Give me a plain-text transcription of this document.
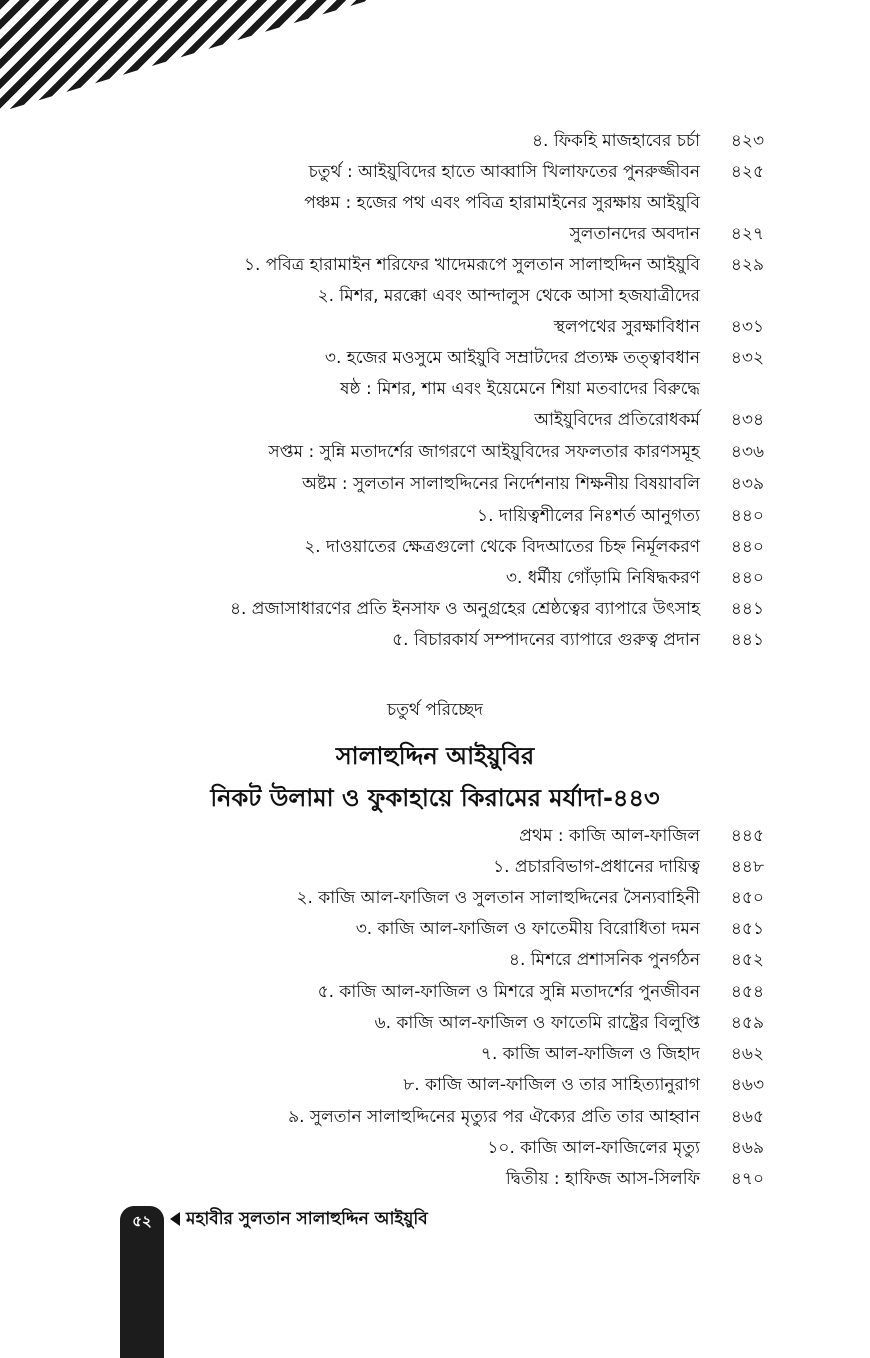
৪. ফিকহি মাজহাবের চর্চা	৪২৩
চতুর্থ : আইয়ুবিদের হাতে আব্বাসি খিলাফতের পুনরুজ্জীবন	৪২৫
পঞ্চম : হজের পথ এবং পবিত্র হারামাইনের সুরক্ষায় আইয়ুবি
সুলতানদের অবদান	৪২৭
১. পবিত্র হারামাইন শরিফের খাদেমরূপে সুলতান সালাহুদ্দিন আইয়ুবি	৪২৯
২. মিশর, মরক্কো এবং আন্দালুস থেকে আসা হজযাত্রীদের
স্থলপথের সুরক্ষাবিধান	৪৩১
৩. হজের মওসুমে আইয়ুবি সম্রাটদের প্রত্যক্ষ তত্ত্বাবধান	৪৩২
ষষ্ঠ : মিশর, শাম এবং ইয়েমেনে শিয়া মতবাদের বিরুদ্ধে
আইয়ুবিদের প্রতিরোধকর্ম	৪৩৪
সপ্তম : সুন্নি মতাদর্শের জাগরণে আইয়ুবিদের সফলতার কারণসমূহ	৪৩৬
অষ্টম : সুলতান সালাহুদ্দিনের নির্দেশনায় শিক্ষনীয় বিষয়াবলি	৪৩৯
১. দায়িত্বশীলের নিঃশর্ত আনুগত্য	৪৪০
২. দাওয়াতের ক্ষেত্রগুলো থেকে বিদআতের চিহ্ন নির্মূলকরণ	৪৪০
৩. ধর্মীয় গোঁড়ামি নিষিদ্ধকরণ	৪৪০
৪. প্রজাসাধারণের প্রতি ইনসাফ ও অনুগ্রহের শ্রেষ্ঠত্বের ব্যাপারে উৎসাহ	৪৪১
৫. বিচারকার্য সম্পাদনের ব্যাপারে গুরুত্ব প্রদান	৪৪১
চতুর্থ পরিচ্ছেদ
সালাহুদ্দিন আইয়ুবির
নিকট উলামা ও ফুকাহায়ে কিরামের মর্যাদা-৪৪৩
প্রথম : কাজি আল-ফাজিল	৪৪৫
১. প্রচারবিভাগ-প্রধানের দায়িত্ব	৪৪৮
২. কাজি আল-ফাজিল ও সুলতান সালাহুদ্দিনের সৈন্যবাহিনী	৪৫০
৩. কাজি আল-ফাজিল ও ফাতেমীয় বিরোধিতা দমন	৪৫১
৪. মিশরে প্রশাসনিক পুনর্গঠন	৪৫২
৫. কাজি আল-ফাজিল ও মিশরে সুন্নি মতাদর্শের পুনজীবন	৪৫৪
৬. কাজি আল-ফাজিল ও ফাতেমি রাষ্ট্রের বিলুপ্তি	৪৫৯
৭. কাজি আল-ফাজিল ও জিহাদ	৪৬২
৮. কাজি আল-ফাজিল ও তার সাহিত্যানুরাগ	৪৬৩
৯. সুলতান সালাহুদ্দিনের মৃত্যুর পর ঐক্যের প্রতি তার আহ্বান	৪৬৫
১০. কাজি আল-ফাজিলের মৃত্যু	৪৬৯
দ্বিতীয় : হাফিজ আস-সিলফি	৪৭০
৫২	মহাবীর সুলতান সালাহুদ্দিন আইয়ুবি
